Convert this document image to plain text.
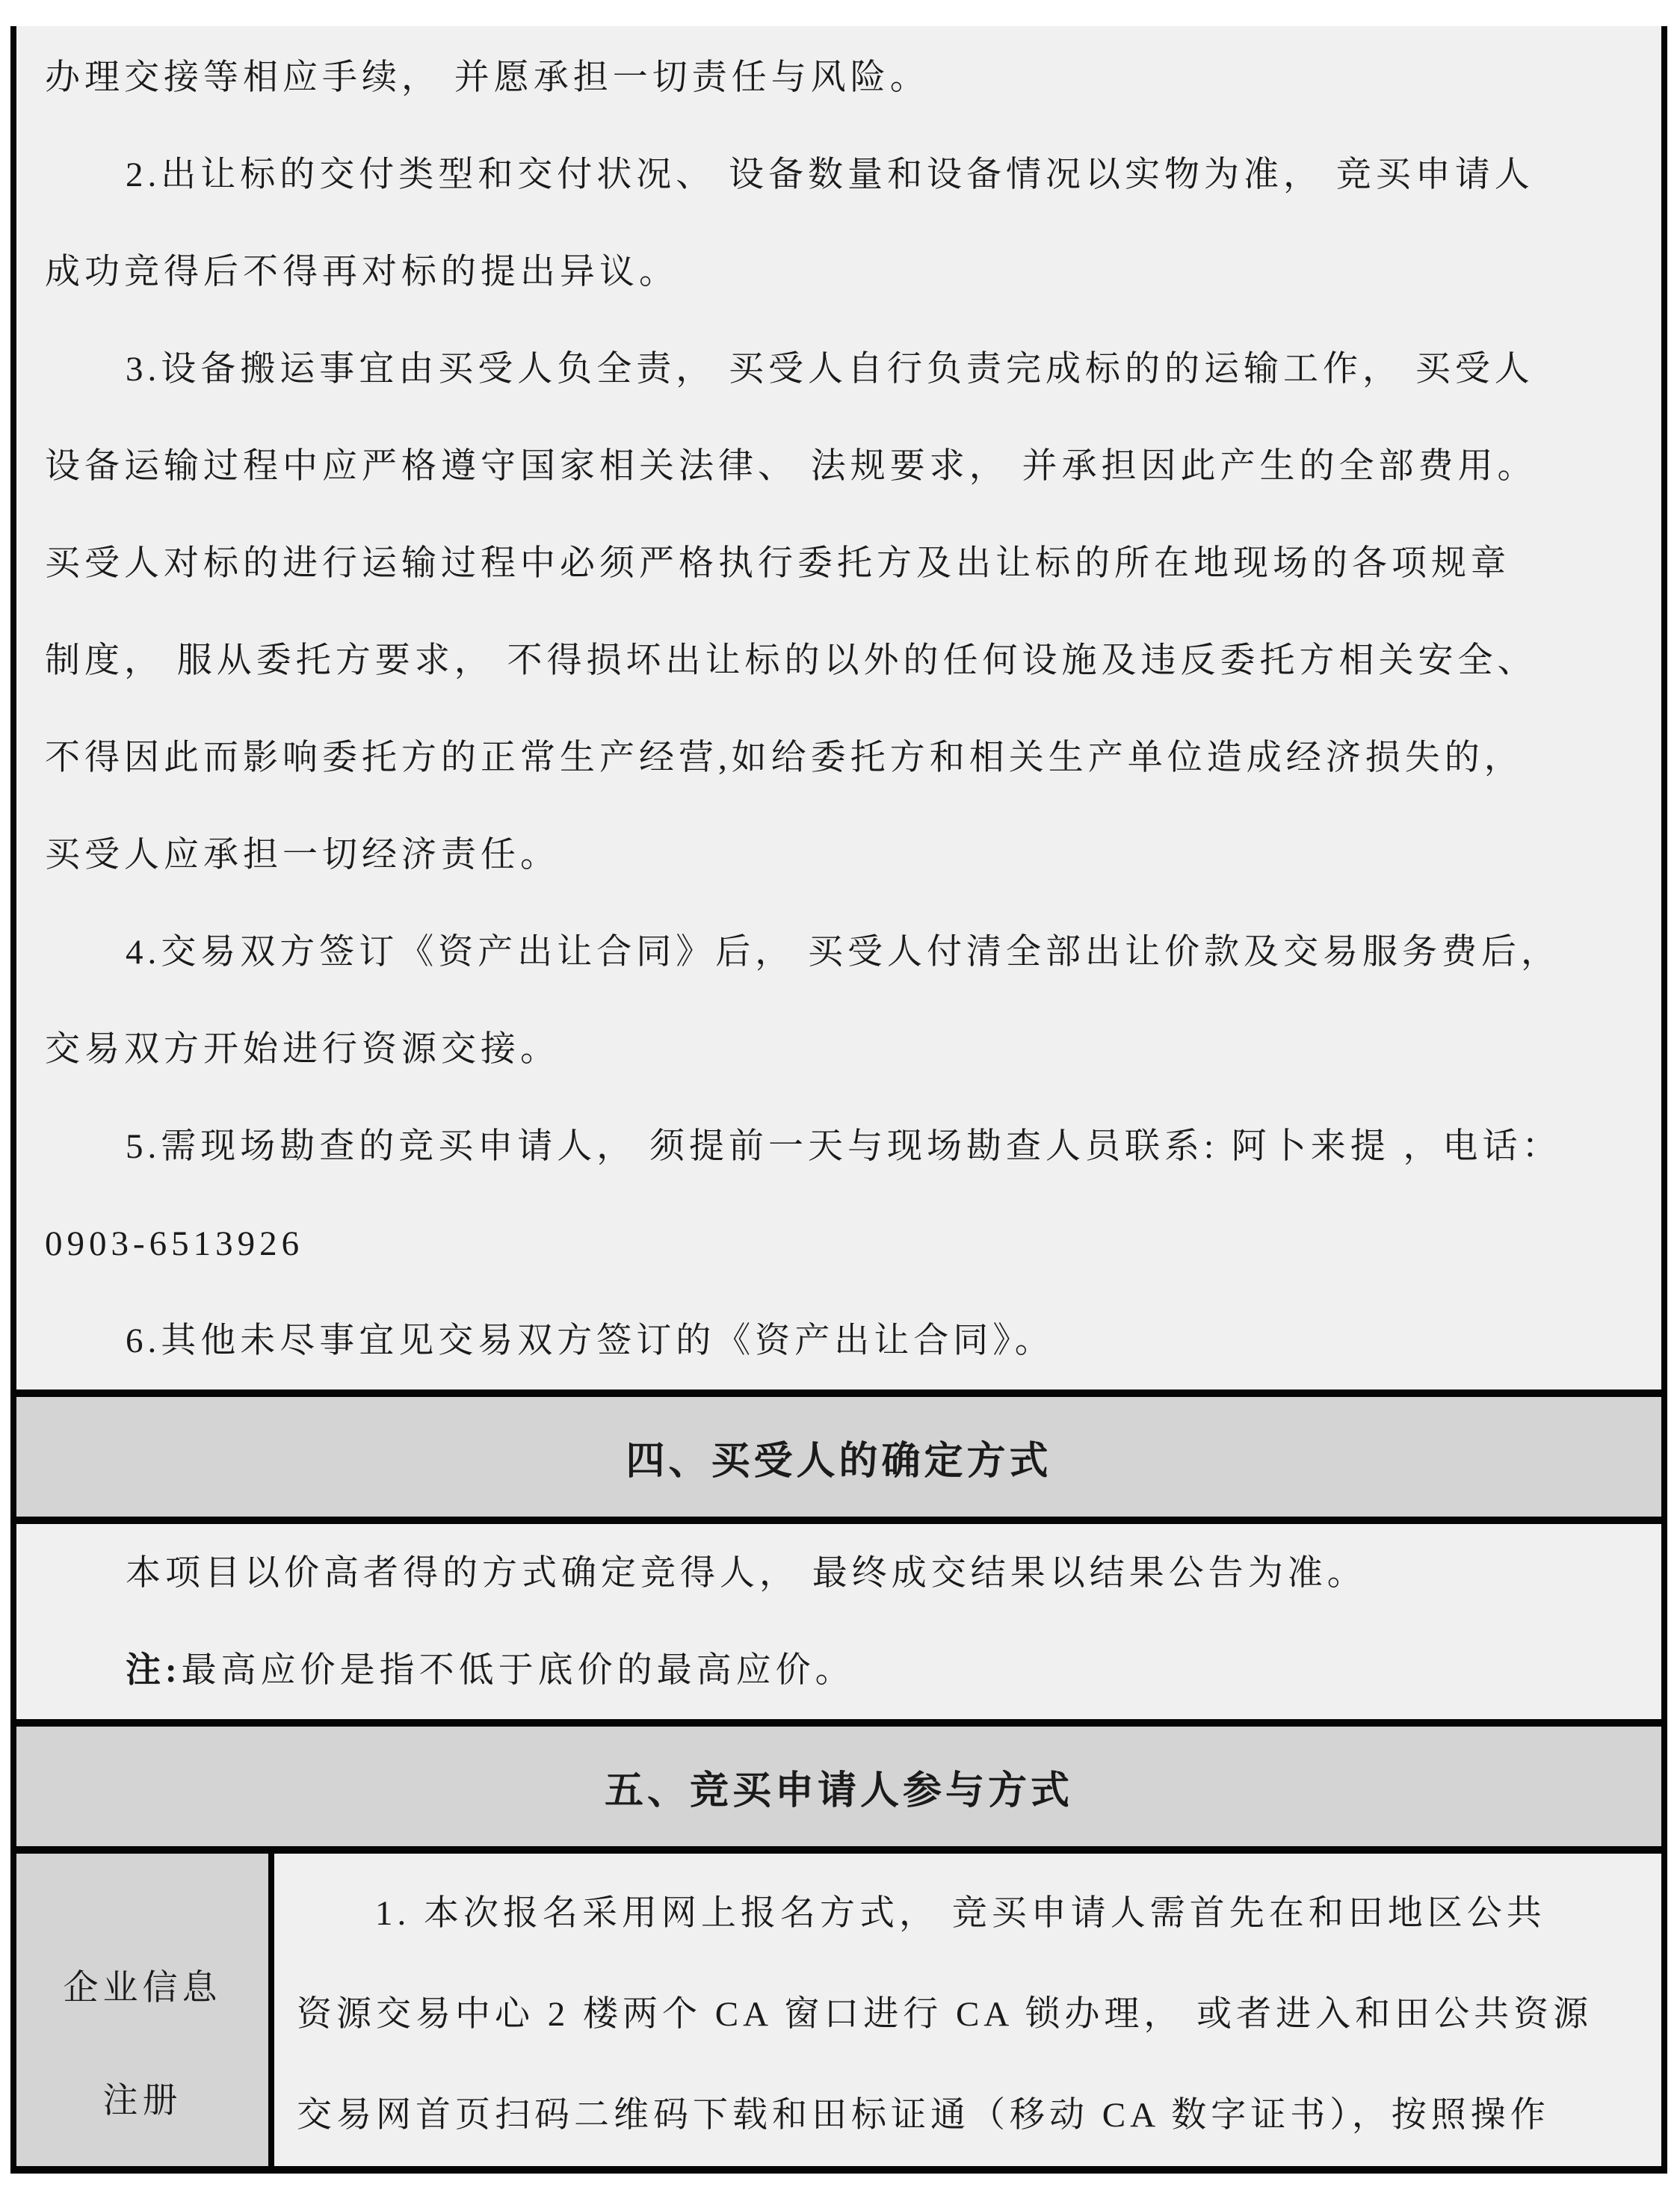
办理交接等相应手续， 并愿承担一切责任与风险。
2.出让标的交付类型和交付状况、 设备数量和设备情况以实物为准， 竞买申请人
成功竞得后不得再对标的提出异议。
3.设备搬运事宜由买受人负全责， 买受人自行负责完成标的的运输工作， 买受人
设备运输过程中应严格遵守国家相关法律、 法规要求， 并承担因此产生的全部费用。
买受人对标的进行运输过程中必须严格执行委托方及出让标的所在地现场的各项规章
制度， 服从委托方要求， 不得损坏出让标的以外的任何设施及违反委托方相关安全、
不得因此而影响委托方的正常生产经营,如给委托方和相关生产单位造成经济损失的，
买受人应承担一切经济责任。
4.交易双方签订《资产出让合同》后， 买受人付清全部出让价款及交易服务费后，
交易双方开始进行资源交接。
5.需现场勘查的竞买申请人， 须提前一天与现场勘查人员联系: 阿卜来提 ，电话：
0903-6513926
6.其他未尽事宜见交易双方签订的《资产出让合同》。
四、买受人的确定方式
本项目以价高者得的方式确定竞得人， 最终成交结果以结果公告为准。
注:最高应价是指不低于底价的最高应价。
五、竞买申请人参与方式
企业信息
注册
1. 本次报名采用网上报名方式， 竞买申请人需首先在和田地区公共
资源交易中心 2 楼两个 CA 窗口进行 CA 锁办理， 或者进入和田公共资源
交易网首页扫码二维码下载和田标证通（移动 CA 数字证书），按照操作
